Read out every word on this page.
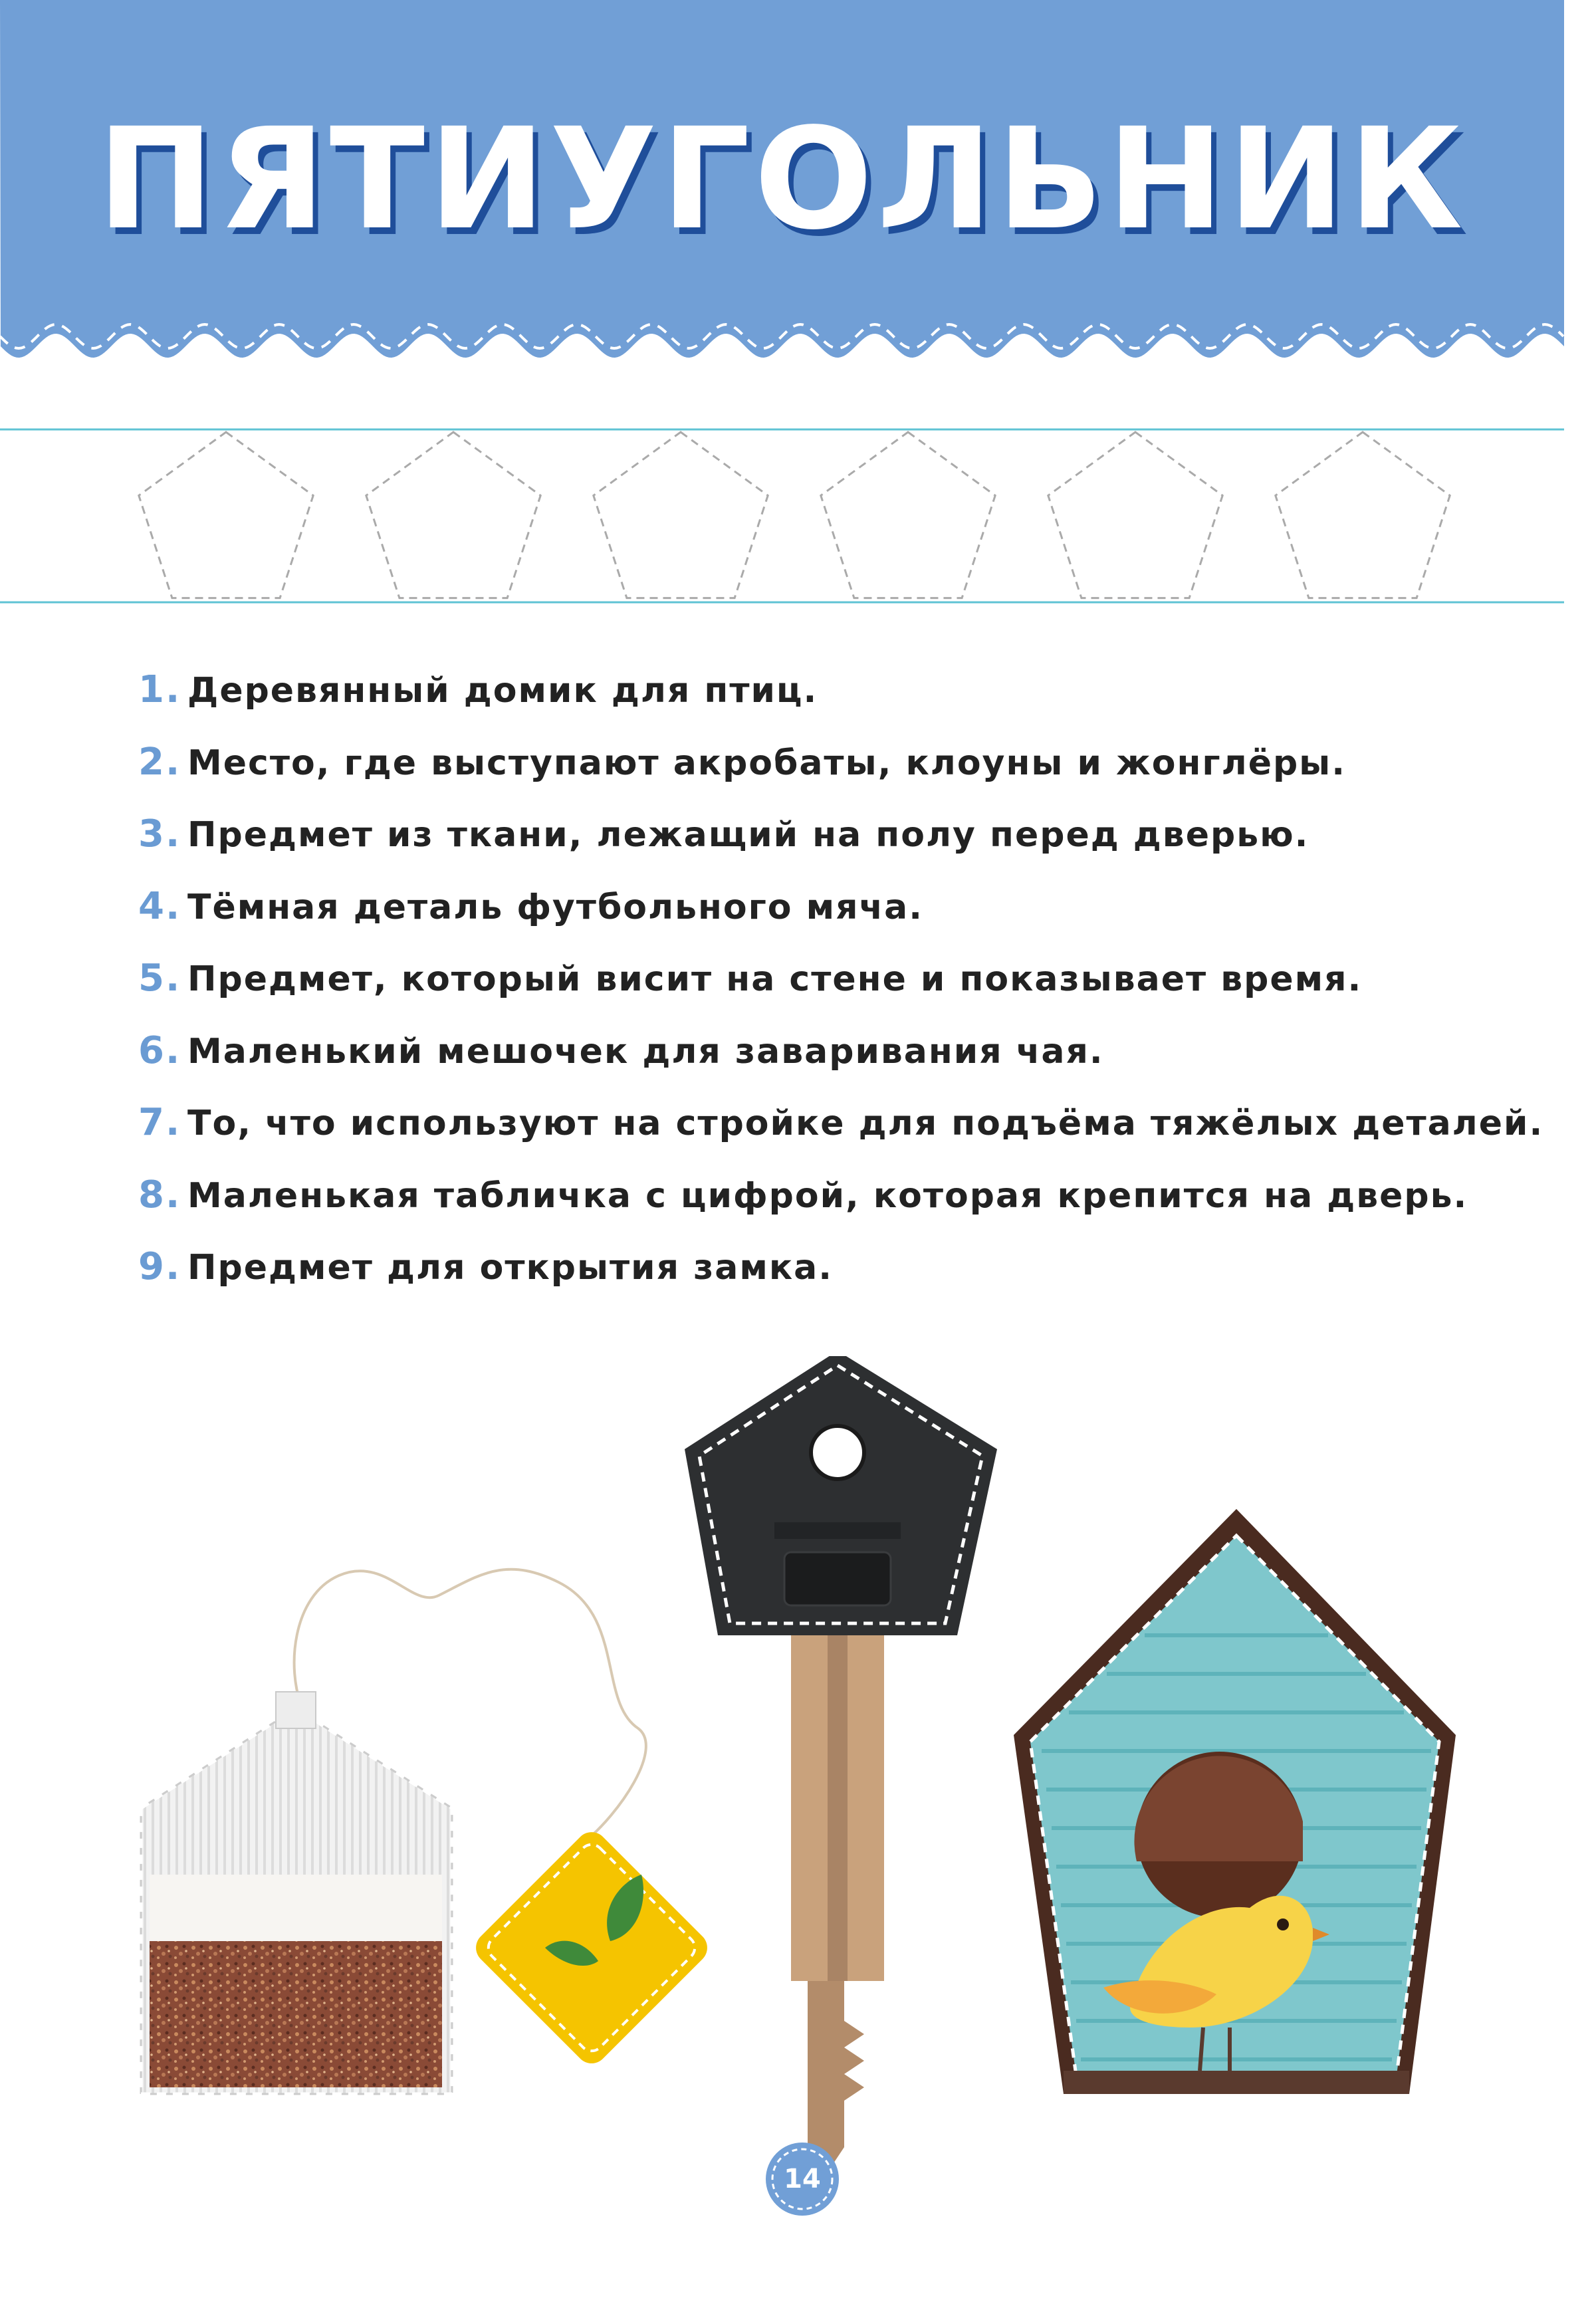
ПЯТИУГОЛЬНИК
1. Деревянный домик для птиц.
2. Место, где выступают акробаты, клоуны и жонглёры.
3. Предмет из ткани, лежащий на полу перед дверью.
4. Тёмная деталь футбольного мяча.
5. Предмет, который висит на стене и показывает время.
6. Маленький мешочек для заваривания чая.
7. То, что используют на стройке для подъёма тяжёлых деталей.
8. Маленькая табличка с цифрой, которая крепится на дверь.
9. Предмет для открытия замка.
14
